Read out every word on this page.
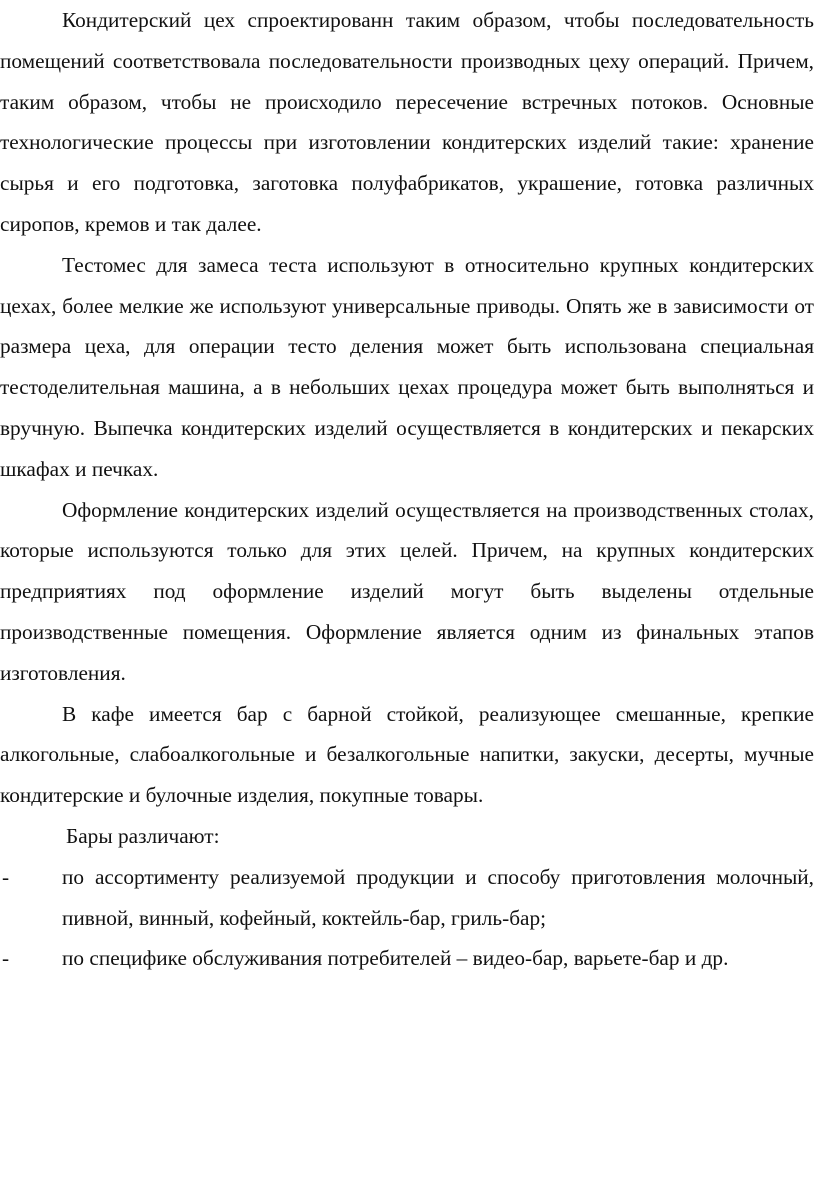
Кондитерский цех спроектированн таким образом, чтобы последовательность помещений соответствовала последовательности производных цеху операций. Причем, таким образом, чтобы не происходило пересечение встречных потоков. Основные технологические процессы при изготовлении кондитерских изделий такие: хранение сырья и его подготовка, заготовка полуфабрикатов, украшение, готовка различных сиропов, кремов и так далее.

Тестомес для замеса теста используют в относительно крупных кондитерских цехах, более мелкие же используют универсальные приводы. Опять же в зависимости от размера цеха, для операции тесто деления может быть использована специальная тестоделительная машина, а в небольших цехах процедура может быть выполняться и вручную. Выпечка кондитерских изделий осуществляется в кондитерских и пекарских шкафах и печках.

Оформление кондитерских изделий осуществляется на производственных столах, которые используются только для этих целей. Причем, на крупных кондитерских предприятиях под оформление изделий могут быть выделены отдельные производственные помещения. Оформление является одним из финальных этапов изготовления.

В кафе имеется бар с барной стойкой, реализующее смешанные, крепкие алкогольные, слабоалкогольные и безалкогольные напитки, закуски, десерты, мучные кондитерские и булочные изделия, покупные товары.

Бары различают:

- по ассортименту реализуемой продукции и способу приготовления молочный, пивной, винный, кофейный, коктейль-бар, гриль-бар;
- по специфике обслуживания потребителей – видео-бар, варьете-бар и др.
